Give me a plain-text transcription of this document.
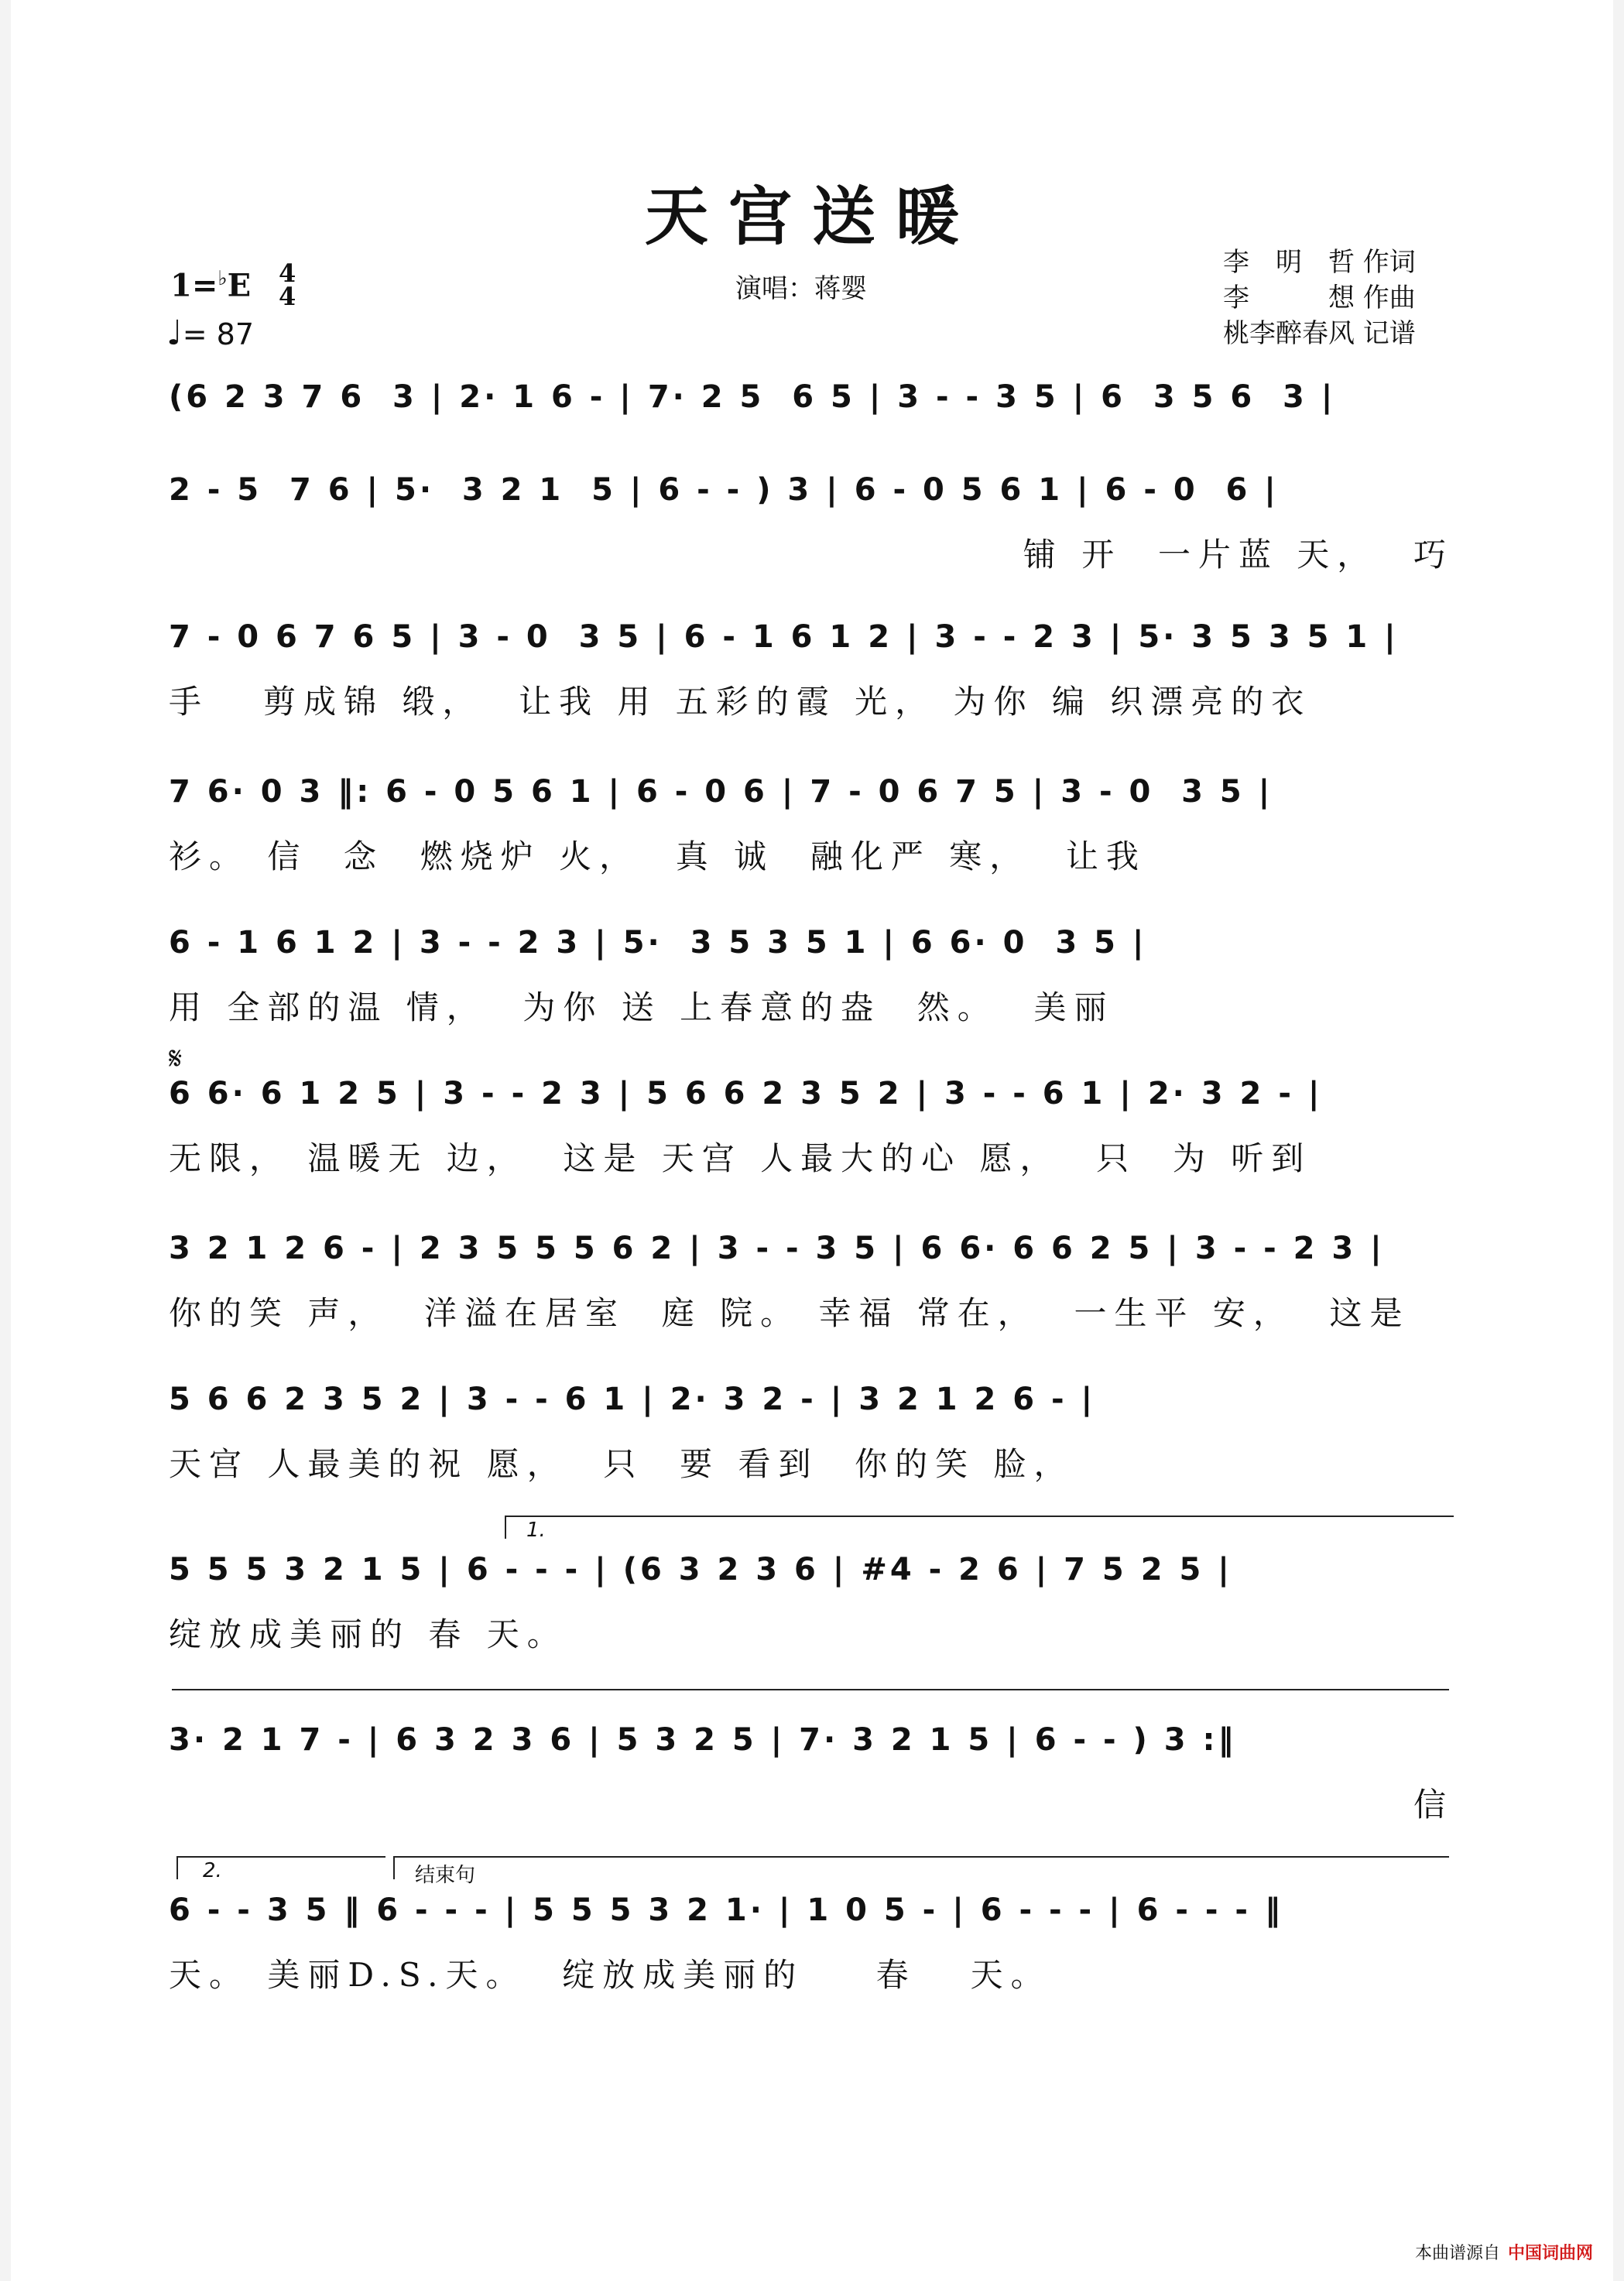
天宫送暖
演唱：蒋婴
1=♭E 4
4
♩= 87
李　明　哲 作词
李　　　想 作曲
桃李醉春风 记谱
𝄋
1.
2.	结束句
(6 2 3 7 6  3 | 2· 1 6 - | 7· 2 5  6 5 | 3 - - 3 5 | 6  3 5 6  3 |
2 - 5  7 6 | 5·  3 2 1  5 | 6 - - ) 3 | 6 - 0 5 6 1 | 6 - 0  6 |
铺 开  一片蓝 天，  巧
7 - 0 6 7 6 5 | 3 - 0  3 5 | 6 - 1 6 1 2 | 3 - - 2 3 | 5· 3 5 3 5 1 |
手   剪成锦 缎，  让我 用 五彩的霞 光， 为你 编 织漂亮的衣
7 6· 0 3 ‖: 6 - 0 5 6 1 | 6 - 0 6 | 7 - 0 6 7 5 | 3 - 0  3 5 |
衫。 信  念  燃烧炉 火，  真 诚  融化严 寒，  让我
6 - 1 6 1 2 | 3 - - 2 3 | 5·  3 5 3 5 1 | 6 6· 0  3 5 |
用 全部的温 情，  为你 送 上春意的盎  然。  美丽
6 6· 6 1 2 5 | 3 - - 2 3 | 5 6 6 2 3 5 2 | 3 - - 6 1 | 2· 3 2 - |
无限， 温暖无 边，  这是 天宫 人最大的心 愿，  只  为 听到
3 2 1 2 6 - | 2 3 5 5 5 6 2 | 3 - - 3 5 | 6 6· 6 6 2 5 | 3 - - 2 3 |
你的笑 声，  洋溢在居室  庭 院。 幸福 常在，  一生平 安，  这是
5 6 6 2 3 5 2 | 3 - - 6 1 | 2· 3 2 - | 3 2 1 2 6 - |
天宫 人最美的祝 愿，  只  要 看到  你的笑 脸，
5 5 5 3 2 1 5 | 6 - - - | (6 3 2 3 6 | #4 - 2 6 | 7 5 2 5 |
绽放成美丽的 春 天。
3· 2 1 7 - | 6 3 2 3 6 | 5 3 2 5 | 7· 3 2 1 5 | 6 - - ) 3 :‖
信
6 - - 3 5 ‖ 6 - - - | 5 5 5 3 2 1· | 1 0 5 - | 6 - - - | 6 - - - ‖
天。 美丽D.S.天。  绽放成美丽的    春   天。
本曲谱源自 中国词曲网
